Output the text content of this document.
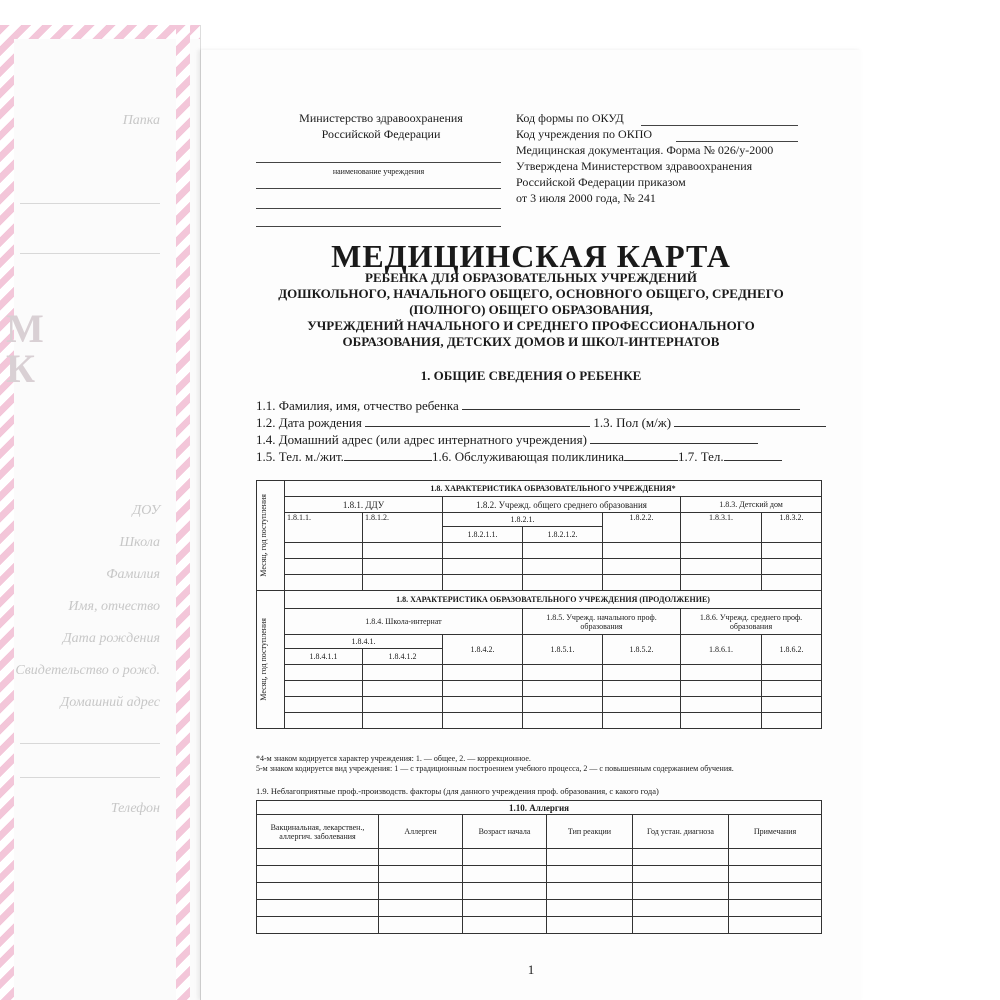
Папка
М
К
ДОУ
Школа
Фамилия
Имя, отчество
Дата рождения
Свидетельство о рожд.
Домашний адрес
Телефон
Министерство здравоохранения
Российской Федерации
наименование учреждения
Код формы по ОКУД
Код учреждения по ОКПО
Медицинская документация. Форма № 026/у-2000
Утверждена Министерством здравоохранения
Российской Федерации приказом
от 3 июля 2000 года, № 241
МЕДИЦИНСКАЯ КАРТА
РЕБЕНКА ДЛЯ ОБРАЗОВАТЕЛЬНЫХ УЧРЕЖДЕНИЙ
ДОШКОЛЬНОГО, НАЧАЛЬНОГО ОБЩЕГО, ОСНОВНОГО ОБЩЕГО, СРЕДНЕГО
(ПОЛНОГО) ОБЩЕГО ОБРАЗОВАНИЯ,
УЧРЕЖДЕНИЙ НАЧАЛЬНОГО И СРЕДНЕГО ПРОФЕССИОНАЛЬНОГО
ОБРАЗОВАНИЯ, ДЕТСКИХ ДОМОВ И ШКОЛ-ИНТЕРНАТОВ
1. ОБЩИЕ СВЕДЕНИЯ О РЕБЕНКЕ
1.1. Фамилия, имя, отчество ребенка
1.2. Дата рождения	1.3. Пол (м/ж)
1.4. Домашний адрес (или адрес интернатного учреждения)
1.5. Тел. м./жит.	1.6. Обслуживающая поликлиника	1.7. Тел.
Месяц, год поступления	1.8. ХАРАКТЕРИСТИКА ОБРАЗОВАТЕЛЬНОГО УЧРЕЖДЕНИЯ*						
	1.8.1. ДДУ		1.8.2. Учрежд. общего среднего образования			1.8.3. Детский дом	
	1.8.1.1.	1.8.1.2.	1.8.2.1.		1.8.2.2.	1.8.3.1.	1.8.3.2.
			1.8.2.1.1.	1.8.2.1.2.			

Месяц, год поступления	1.8. ХАРАКТЕРИСТИКА ОБРАЗОВАТЕЛЬНОГО УЧРЕЖДЕНИЯ (ПРОДОЛЖЕНИЕ)						
	1.8.4. Школа-интернат			1.8.5. Учрежд. начального проф. образования		1.8.6. Учрежд. среднего проф. образования	
	1.8.4.1.		1.8.4.2.	1.8.5.1.	1.8.5.2.	1.8.6.1.	1.8.6.2.
	1.8.4.1.1	1.8.4.1.2					

*4-м знаком кодируется характер учреждения: 1. — общее, 2. — коррекционное.
5-м знаком кодируется вид учреждения: 1 — с традиционным построением учебного процесса, 2 — с повышенным содержанием обучения.
1.9. Неблагоприятные проф.-производств. факторы (для данного учреждения проф. образования, с какого года)
1.10. Аллергия					
Вакцинальная, лекарствен., аллергич. заболевания	Аллерген	Возраст начала	Тип реакции	Год устан. диагноза	Примечания

1
